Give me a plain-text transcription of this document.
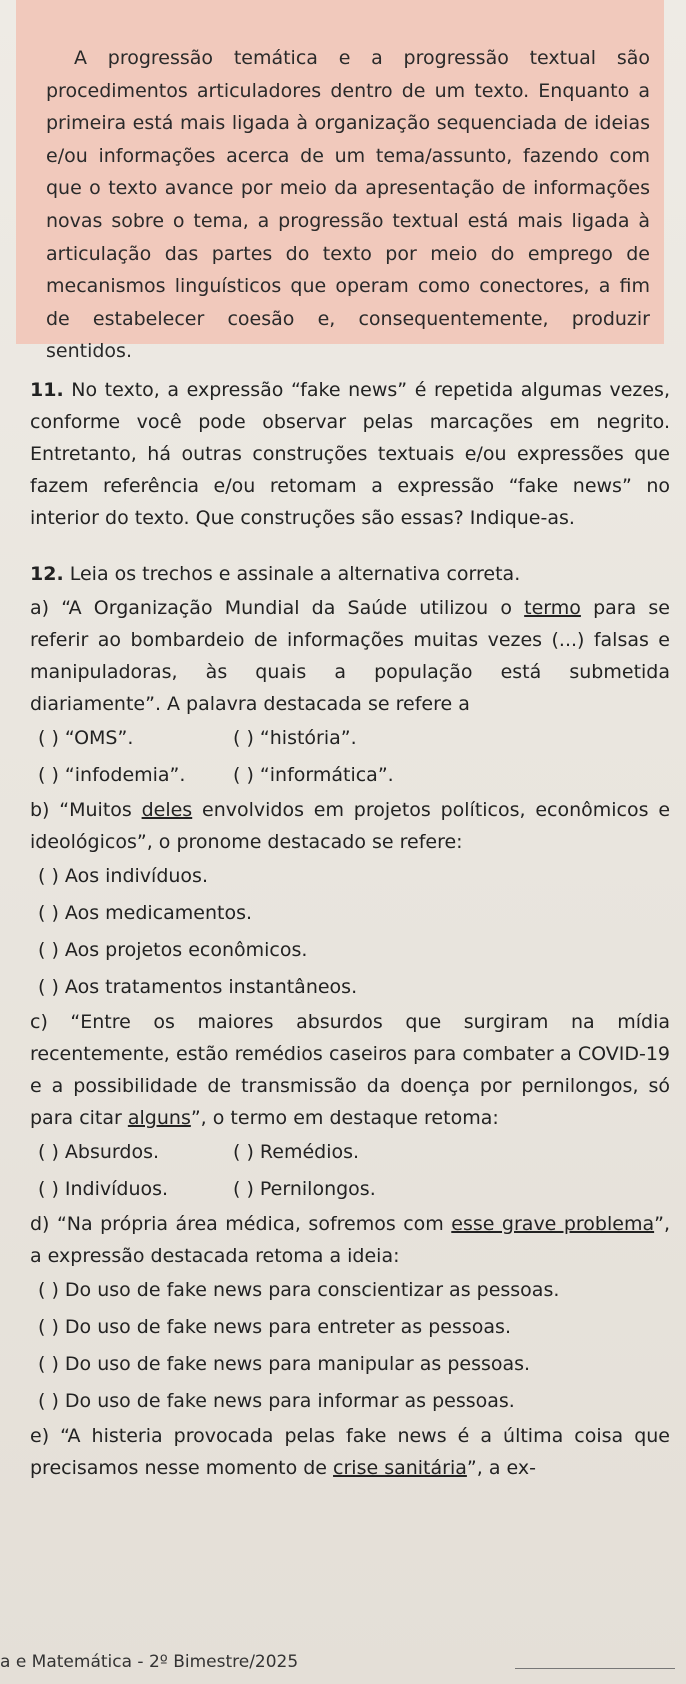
A progressão temática e a progressão textual são procedimentos articuladores dentro de um texto. Enquanto a primeira está mais ligada à organização sequenciada de ideias e/ou informações acerca de um tema/assunto, fazendo com que o texto avance por meio da apresentação de informações novas sobre o tema, a progressão textual está mais ligada à articulação das partes do texto por meio do emprego de mecanismos linguísticos que operam como conectores, a fim de estabelecer coesão e, consequentemente, produzir sentidos.

11. No texto, a expressão “fake news” é repetida algumas vezes, conforme você pode observar pelas marcações em negrito. Entretanto, há outras construções textuais e/ou expressões que fazem referência e/ou retomam a expressão “fake news” no interior do texto. Que construções são essas? Indique-as.

12. Leia os trechos e assinale a alternativa correta.

a) “A Organização Mundial da Saúde utilizou o termo para se referir ao bombardeio de informações muitas vezes (...) falsas e manipuladoras, às quais a população está submetida diariamente”. A palavra destacada se refere a

( ) “OMS”.	( ) “história”.
( ) “infodemia”.	( ) “informática”.

b) “Muitos deles envolvidos em projetos políticos, econômicos e ideológicos”, o pronome destacado se refere:

( ) Aos indivíduos.
( ) Aos medicamentos.
( ) Aos projetos econômicos.
( ) Aos tratamentos instantâneos.

c) “Entre os maiores absurdos que surgiram na mídia recentemente, estão remédios caseiros para combater a COVID-19 e a possibilidade de transmissão da doença por pernilongos, só para citar alguns”, o termo em destaque retoma:

( ) Absurdos.	( ) Remédios.
( ) Indivíduos.	( ) Pernilongos.

d) “Na própria área médica, sofremos com esse grave problema”, a expressão destacada retoma a ideia:

( ) Do uso de fake news para conscientizar as pessoas.
( ) Do uso de fake news para entreter as pessoas.
( ) Do uso de fake news para manipular as pessoas.
( ) Do uso de fake news para informar as pessoas.

e) “A histeria provocada pelas fake news é a última coisa que precisamos nesse momento de crise sanitária”, a ex-

a e Matemática - 2º Bimestre/2025
